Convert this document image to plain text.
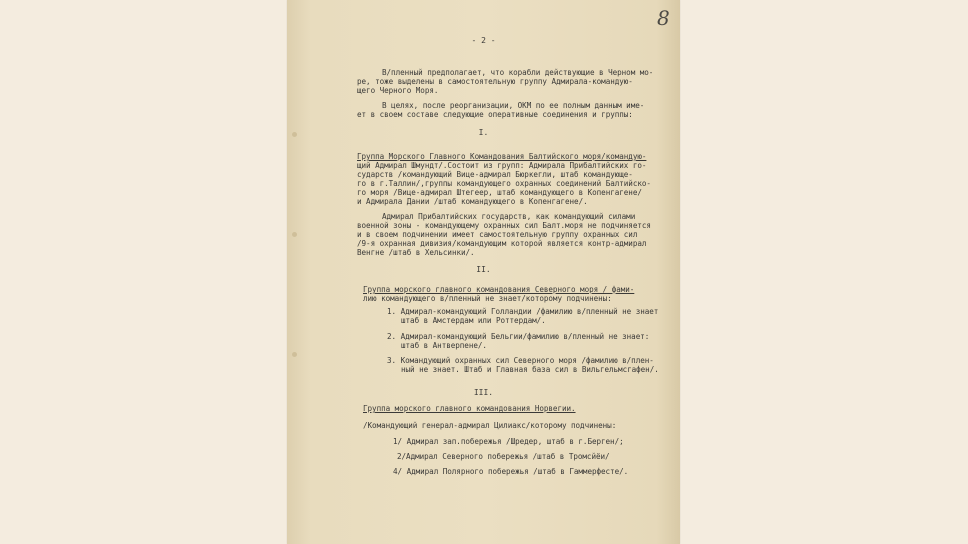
8
- 2 -
В/пленный предполагает, что корабли действующие в Черном мо-
ре, тоже выделены в самостоятельную группу Адмирала-командую-
щего Черного Моря.
В целях, после реорганизации, ОКМ по ее полным данным име-
ет в своем составе следующие оперативные соединения и группы:
I.
Группа Морского Главного Командования Балтийского моря/командую-
щий Адмирал Шмундт/.Состоит из групп: Адмирала Прибалтийских го-
сударств /командующий Вице-адмирал Бюркегли, штаб командующе-
го в г.Таллин/,группы командующего охранных соединений Балтийско-
го моря /Вице-адмирал Штегеер, штаб командующего в Копенгагене/
и Адмирала Дании /штаб командующего в Копенгагене/.
Адмирал Прибалтийских государств, как командующий силами
военной зоны - командующему охранных сил Балт.моря не подчиняется
и в своем подчинении имеет самостоятельную группу охранных сил
/9-я охранная дивизия/командующим которой является контр-адмирал
Венгне /штаб в Хельсинки/.
II.
Группа морского главного командования Северного моря / фами-
лию командующего в/пленный не знает/которому подчинены:
1. Адмирал-командующий Голландии /фамилию в/пленный не знает
штаб в Амстердам или Роттердам/.
2. Адмирал-командующий Бельгии/фамилию в/пленный не знает:
штаб в Антверпене/.
3. Командующий охранных сил Северного моря /фамилию в/плен-
ный не знает. Штаб и Главная база сил в Вильгельмсгафен/.
III.
Группа морского главного командования Норвегии.
/Командующий генерал-адмирал Цилиакс/которому подчинены:
1/ Адмирал зап.побережья /Шредер, штаб в г.Берген/;
2/Адмирал Северного побережья /штаб в Тромсйёи/
4/ Адмирал Полярного побережья /штаб в Гаммерфесте/.
